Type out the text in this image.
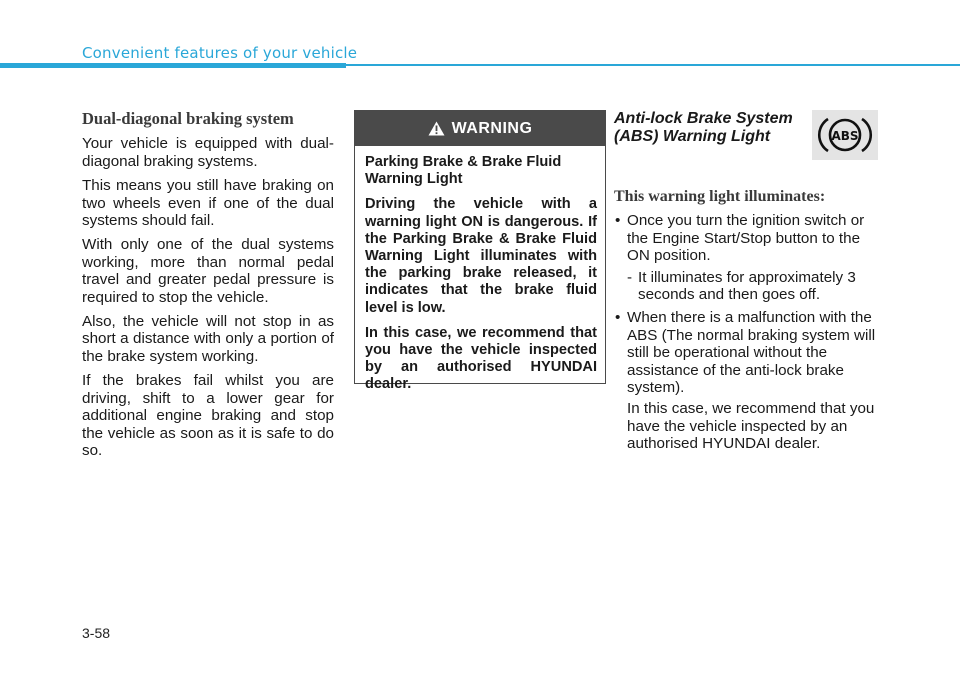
Convenient features of your vehicle
Dual-diagonal braking system

Your vehicle is equipped with dual-diagonal braking systems.

This means you still have braking on two wheels even if one of the dual systems should fail.

With only one of the dual systems working, more than normal pedal travel and greater pedal pressure is required to stop the vehicle.

Also, the vehicle will not stop in as short a distance with only a portion of the brake system working.

If the brakes fail whilst you are driving, shift to a lower gear for additional engine braking and stop the vehicle as soon as it is safe to do so.

WARNING

Parking Brake & Brake Fluid Warning Light

Driving the vehicle with a warning light ON is dangerous. If the Parking Brake & Brake Fluid Warning Light illuminates with the parking brake released, it indicates that the brake fluid level is low.

In this case, we recommend that you have the vehicle inspected by an authorised HYUNDAI dealer.

Anti-lock Brake System (ABS) Warning Light
This warning light illuminates:
• Once you turn the ignition switch or the Engine Start/Stop button to the ON position.
- It illuminates for approximately 3 seconds and then goes off.
• When there is a malfunction with the ABS (The normal braking system will still be operational without the assistance of the anti-lock brake system).

In this case, we recommend that you have the vehicle inspected by an authorised HYUNDAI dealer.

ABS
3-58
